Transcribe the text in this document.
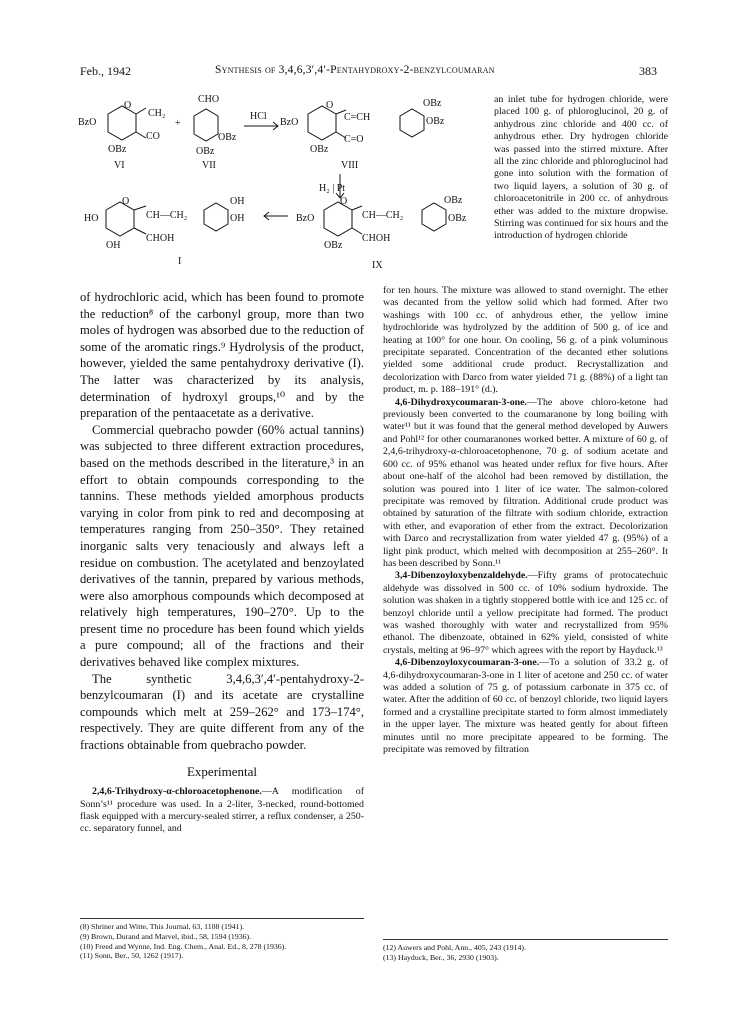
Feb., 1942	Synthesis of 3,4,6,3′,4′-Pentahydroxy-2-benzylcoumaran	383
O
CH₂
CO
BzO
OBz
VI
+
CHO
OBz
OBz
VII
HCl
O
C=CH
OBz
OBz
C=O
BzO
OBz
VIII
H₂ | Pt
O
CH—CH₂
CHOH
OH
OH
HO
OH
I
O
CH—CH₂
CHOH
OBz
OBz
BzO
OBz
IX

an inlet tube for hydrogen chloride, were placed 100 g. of phloroglucinol, 20 g. of anhydrous zinc chloride and 400 cc. of anhydrous ether. Dry hydrogen chloride was passed into the stirred mixture. After all the zinc chloride and phloroglucinol had gone into solution with the formation of two liquid layers, a solution of 30 g. of chloroacetonitrile in 200 cc. of anhydrous ether was added to the mixture dropwise. Stirring was continued for six hours and the introduction of hydrogen chloride

of hydrochloric acid, which has been found to promote the reduction⁸ of the carbonyl group, more than two moles of hydrogen was absorbed due to the reduction of some of the aromatic rings.⁹ Hydrolysis of the product, however, yielded the same pentahydroxy derivative (I). The latter was characterized by its analysis, determination of hydroxyl groups,¹⁰ and by the preparation of the pentaacetate as a derivative.

Commercial quebracho powder (60% actual tannins) was subjected to three different extraction procedures, based on the methods described in the literature,³ in an effort to obtain compounds corresponding to the tannins. These methods yielded amorphous products varying in color from pink to red and decomposing at temperatures ranging from 250–350°. They retained inorganic salts very tenaciously and always left a residue on combustion. The acetylated and benzoylated derivatives of the tannin, prepared by various methods, were also amorphous compounds which decomposed at relatively high temperatures, 190–270°. Up to the present time no procedure has been found which yields a pure compound; all of the fractions and their derivatives behaved like complex mixtures.

The synthetic 3,4,6,3′,4′-pentahydroxy-2-benzylcoumaran (I) and its acetate are crystalline compounds which melt at 259–262° and 173–174°, respectively. They are quite different from any of the fractions obtainable from quebracho powder.

Experimental
2,4,6-Trihydroxy-α-chloroacetophenone.—A modification of Sonn’s¹¹ procedure was used. In a 2-liter, 3-necked, round-bottomed flask equipped with a mercury-sealed stirrer, a reflux condenser, a 250-cc. separatory funnel, and

for ten hours. The mixture was allowed to stand overnight. The ether was decanted from the yellow solid which had formed. After two washings with 100 cc. of anhydrous ether, the yellow imine hydrochloride was hydrolyzed by the addition of 500 g. of ice and heating at 100° for one hour. On cooling, 56 g. of a pink voluminous precipitate separated. Concentration of the decanted ether solutions yielded some additional crude product. Recrystallization and decolorization with Darco from water yielded 71 g. (88%) of a light tan product, m. p. 188–191° (d.).

4,6-Dihydroxycoumaran-3-one.—The above chloro-ketone had previously been converted to the coumaranone by long boiling with water¹¹ but it was found that the general method developed by Auwers and Pohl¹² for other coumaranones worked better. A mixture of 60 g. of 2,4,6-trihydroxy-α-chloroacetophenone, 70 g. of sodium acetate and 600 cc. of 95% ethanol was heated under reflux for five hours. After about one-half of the alcohol had been removed by distillation, the solution was poured into 1 liter of ice water. The salmon-colored precipitate was removed by filtration. Additional crude product was obtained by saturation of the filtrate with sodium chloride, extraction with ether, and evaporation of ether from the extract. Decolorization with Darco and recrystallization from water yielded 47 g. (95%) of a light pink product, which melted with decomposition at 255–260°. It has been described by Sonn.¹¹

3,4-Dibenzoyloxybenzaldehyde.—Fifty grams of protocatechuic aldehyde was dissolved in 500 cc. of 10% sodium hydroxide. The solution was shaken in a tightly stoppered bottle with ice and 125 cc. of benzoyl chloride until a yellow precipitate had formed. The product was washed thoroughly with water and recrystallized from 95% ethanol. The dibenzoate, obtained in 62% yield, consisted of white crystals, melting at 96–97° which agrees with the report by Hayduck.¹³

4,6-Dibenzoyloxycoumaran-3-one.—To a solution of 33.2 g. of 4,6-dihydroxycoumaran-3-one in 1 liter of acetone and 250 cc. of water was added a solution of 75 g. of potassium carbonate in 375 cc. of water. After the addition of 60 cc. of benzoyl chloride, two liquid layers formed and a crystalline precipitate started to form almost immediately in the upper layer. The mixture was heated gently for about fifteen minutes until no more precipitate appeared to be forming. The precipitate was removed by filtration

(8) Shriner and Witte, This Journal, 63, 1108 (1941).
(9) Brown, Durand and Marvel, ibid., 58, 1594 (1936).
(10) Freed and Wynne, Ind. Eng. Chem., Anal. Ed., 8, 278 (1936).
(11) Sonn, Ber., 50, 1262 (1917).
(12) Auwers and Pohl, Ann., 405, 243 (1914).
(13) Hayduck, Ber., 36, 2930 (1903).
